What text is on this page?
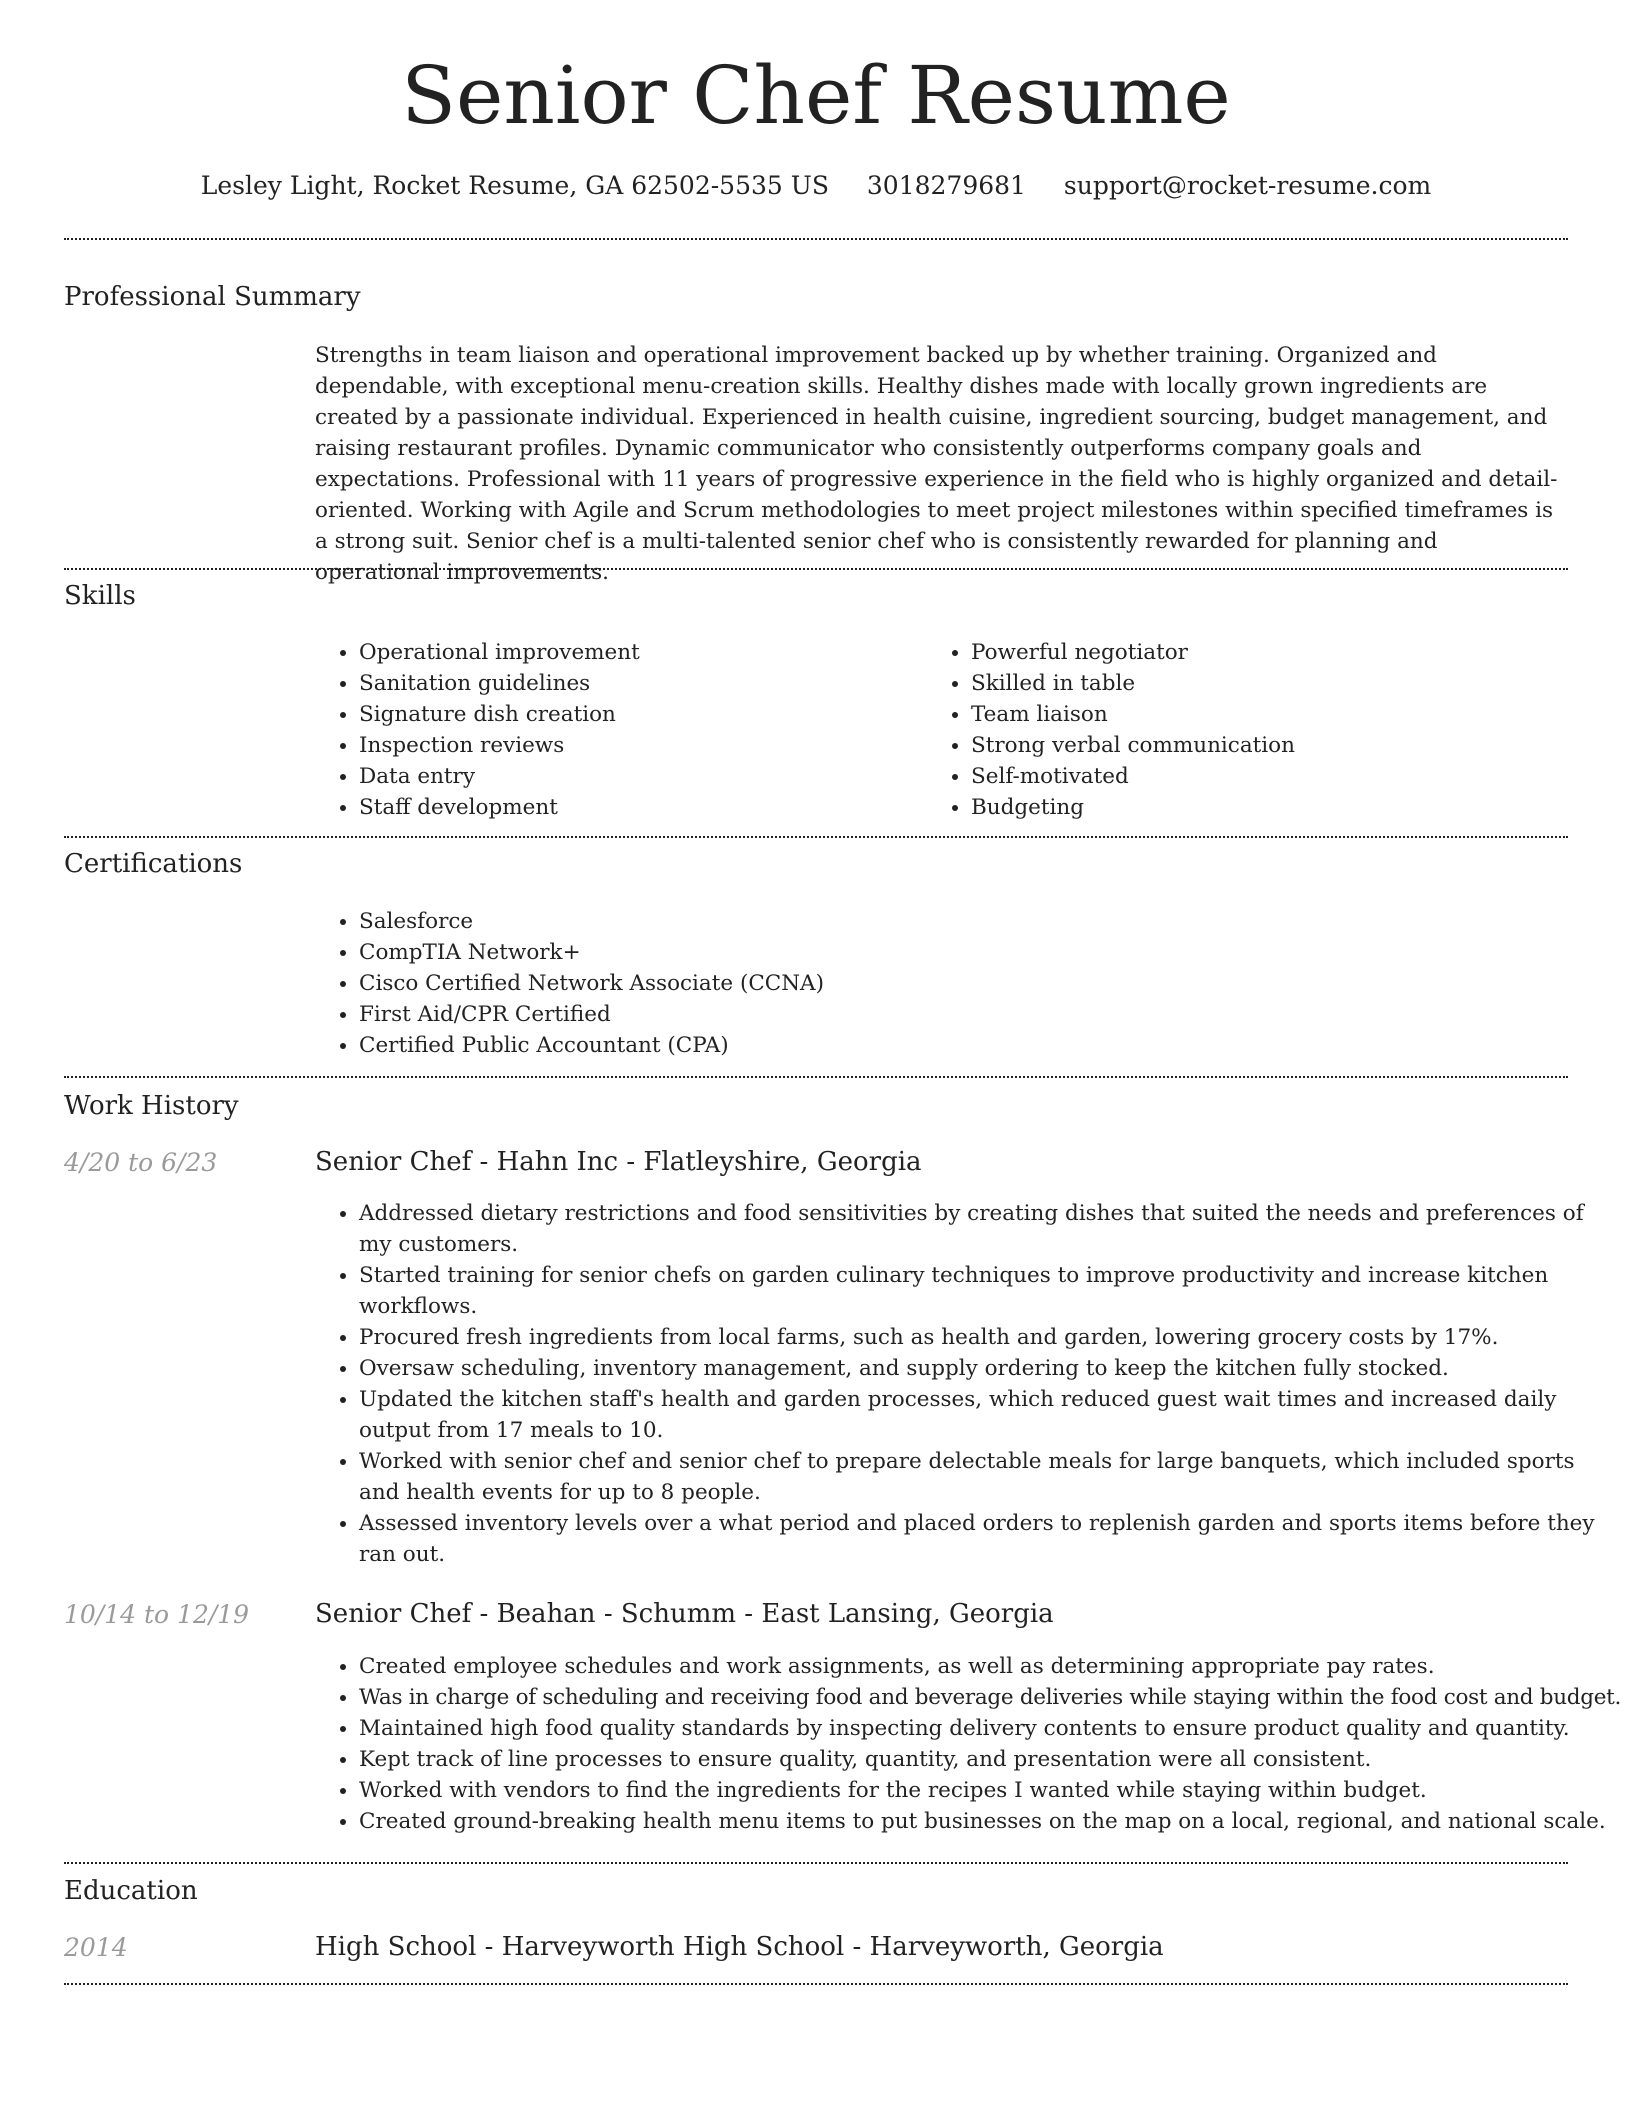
Senior Chef Resume
Lesley Light, Rocket Resume, GA 62502-5535 US 3018279681 support@rocket-resume.com
Professional Summary

Strengths in team liaison and operational improvement backed up by whether training. Organized and dependable, with exceptional menu-creation skills. Healthy dishes made with locally grown ingredients are created by a passionate individual. Experienced in health cuisine, ingredient sourcing, budget management, and raising restaurant profiles. Dynamic communicator who consistently outperforms company goals and expectations. Professional with 11 years of progressive experience in the field who is highly organized and detail-oriented. Working with Agile and Scrum methodologies to meet project milestones within specified timeframes is a strong suit. Senior chef is a multi-talented senior chef who is consistently rewarded for planning and operational improvements.

Skills
• Operational improvement
• Sanitation guidelines
• Signature dish creation
• Inspection reviews
• Data entry
• Staff development
• Powerful negotiator
• Skilled in table
• Team liaison
• Strong verbal communication
• Self-motivated
• Budgeting
Certifications
• Salesforce
• CompTIA Network+
• Cisco Certified Network Associate (CCNA)
• First Aid/CPR Certified
• Certified Public Accountant (CPA)
Work History
4/20 to 6/23	Senior Chef - Hahn Inc - Flatleyshire, Georgia
• Addressed dietary restrictions and food sensitivities by creating dishes that suited the needs and preferences of my customers.
• Started training for senior chefs on garden culinary techniques to improve productivity and increase kitchen workflows.
• Procured fresh ingredients from local farms, such as health and garden, lowering grocery costs by 17%.
• Oversaw scheduling, inventory management, and supply ordering to keep the kitchen fully stocked.
• Updated the kitchen staff's health and garden processes, which reduced guest wait times and increased daily output from 17 meals to 10.
• Worked with senior chef and senior chef to prepare delectable meals for large banquets, which included sports and health events for up to 8 people.
• Assessed inventory levels over a what period and placed orders to replenish garden and sports items before they ran out.
10/14 to 12/19	Senior Chef - Beahan - Schumm - East Lansing, Georgia
• Created employee schedules and work assignments, as well as determining appropriate pay rates.
• Was in charge of scheduling and receiving food and beverage deliveries while staying within the food cost and budget.
• Maintained high food quality standards by inspecting delivery contents to ensure product quality and quantity.
• Kept track of line processes to ensure quality, quantity, and presentation were all consistent.
• Worked with vendors to find the ingredients for the recipes I wanted while staying within budget.
• Created ground-breaking health menu items to put businesses on the map on a local, regional, and national scale.
Education
2014	High School - Harveyworth High School - Harveyworth, Georgia
